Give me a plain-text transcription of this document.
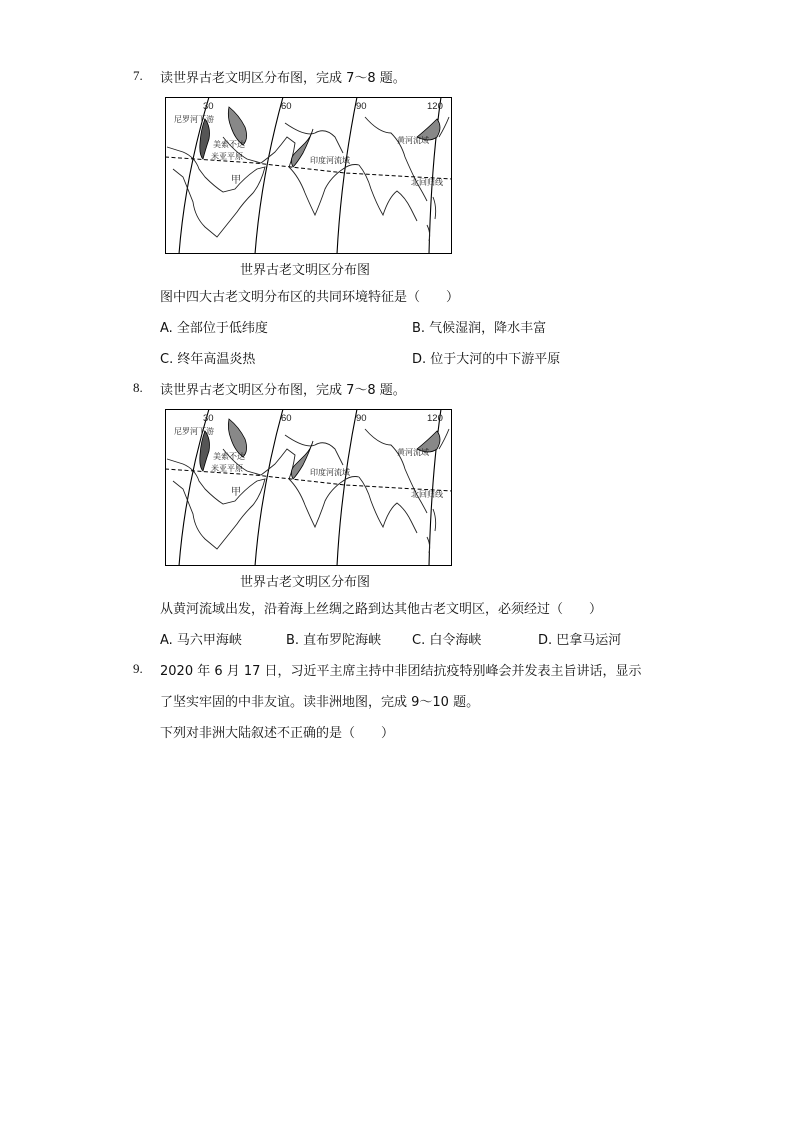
7. 读世界古老文明区分布图，完成 7～8 题。
30	60	90	120
尼罗河下游
美索不达
米亚平原	印度河流域
黄河流域
甲	北回归线
世界古老文明区分布图
图中四大古老文明分布区的共同环境特征是（　　）
A. 全部位于低纬度	B. 气候湿润，降水丰富
C. 终年高温炎热	D. 位于大河的中下游平原
8. 读世界古老文明区分布图，完成 7～8 题。
30	60	90	120
尼罗河下游
美索不达
米亚平原	印度河流域
黄河流域
甲	北回归线
世界古老文明区分布图
从黄河流域出发，沿着海上丝绸之路到达其他古老文明区，必须经过（　　）
A. 马六甲海峡	B. 直布罗陀海峡 C. 白令海峡	D. 巴拿马运河
9. 2020 年 6 月 17 日，习近平主席主持中非团结抗疫特别峰会并发表主旨讲话，显示
了坚实牢固的中非友谊。读非洲地图，完成 9～10 题。
下列对非洲大陆叙述不正确的是（　　）
